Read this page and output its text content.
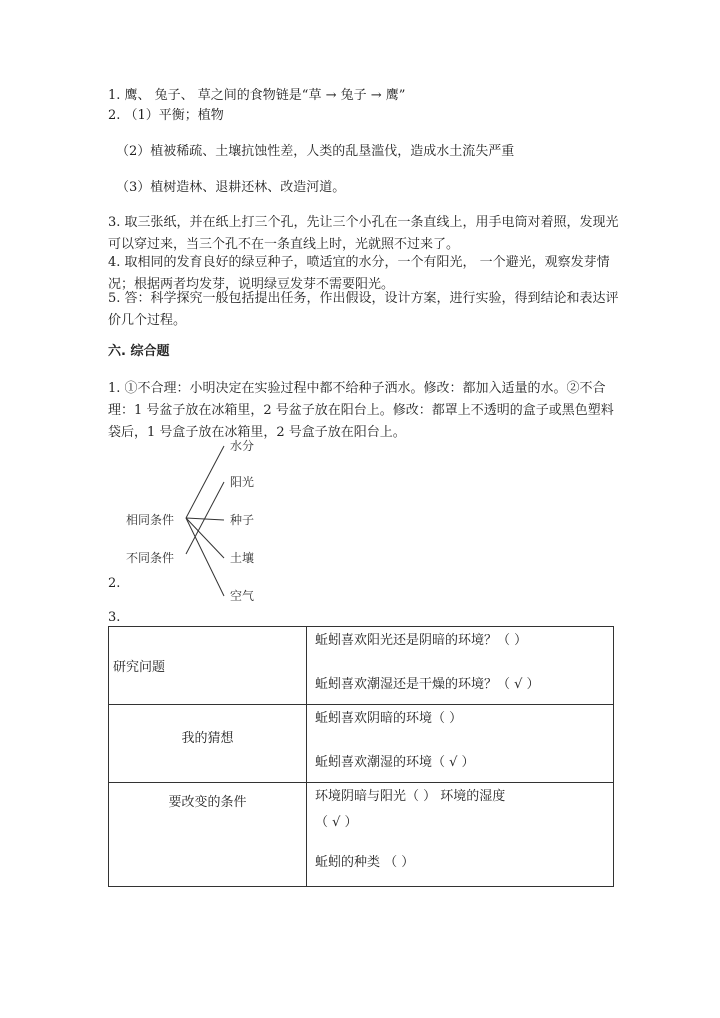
1. 鹰、 兔子、 草之间的食物链是“草 → 兔子 → 鹰”
2. （1）平衡；植物
（2）植被稀疏、土壤抗蚀性差，人类的乱垦滥伐，造成水土流失严重
（3）植树造林、退耕还林、改造河道。
3. 取三张纸，并在纸上打三个孔，先让三个小孔在一条直线上，用手电筒对着照，发现光可以穿过来，当三个孔不在一条直线上时，光就照不过来了。
4. 取相同的发育良好的绿豆种子，喷适宜的水分，一个有阳光， 一个避光，观察发芽情况；根据两者均发芽，说明绿豆发芽不需要阳光。
5. 答：科学探究一般包括提出任务，作出假设，设计方案，进行实验，得到结论和表达评价几个过程。
六. 综合题
1. ①不合理：小明决定在实验过程中都不给种子洒水。修改：都加入适量的水。②不合理：1 号盆子放在冰箱里，2 号盆子放在阳台上。修改：都罩上不透明的盒子或黑色塑料袋后，1 号盒子放在冰箱里，2 号盒子放在阳台上。
相同条件
不同条件
水分
阳光
种子
土壤
空气
2.
3.
研究问题	蚯蚓喜欢阳光还是阴暗的环境？（ ）
蚯蚓喜欢潮湿还是干燥的环境？（ √ ）

我的猜想	蚯蚓喜欢阴暗的环境（ ）
蚯蚓喜欢潮湿的环境（ √ ）

要改变的条件	环境阴暗与阳光（ ） 环境的湿度
（ √ ）
蚯蚓的种类 （ ）
